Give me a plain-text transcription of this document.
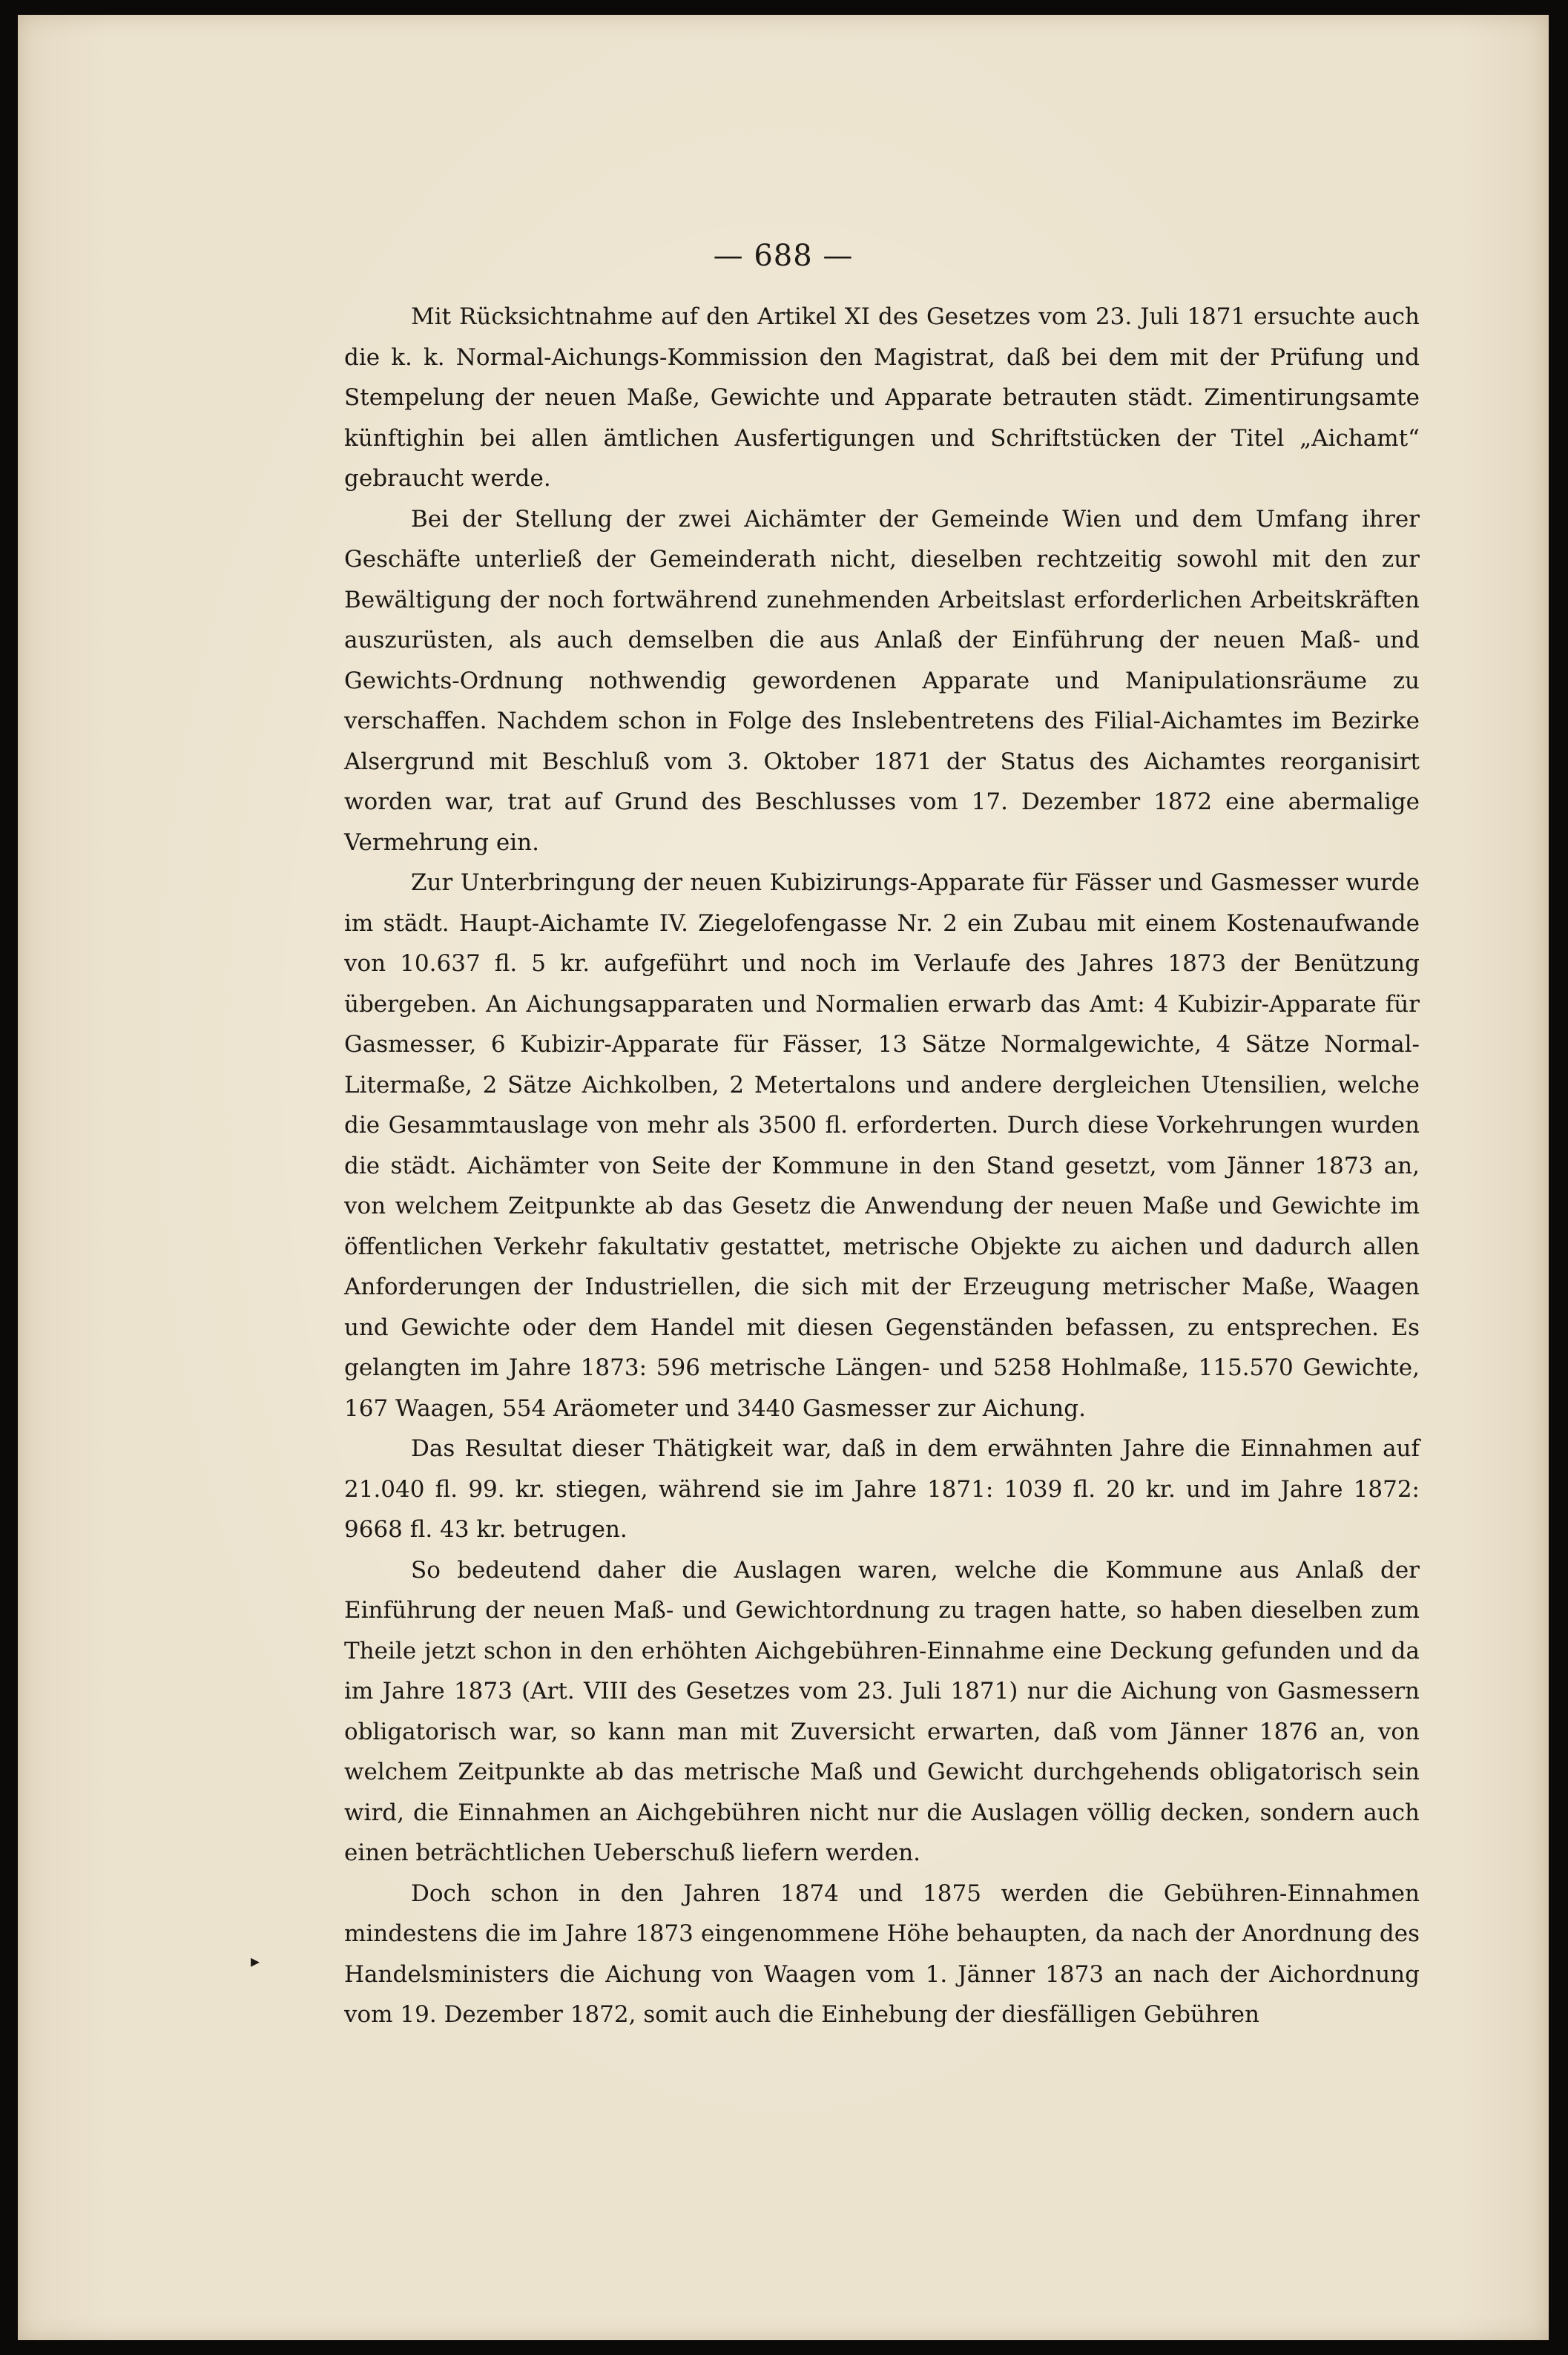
— 688 —

Mit Rücksichtnahme auf den Artikel XI des Gesetzes vom 23. Juli 1871 ersuchte auch die k. k. Normal-Aichungs-Kommission den Magistrat, daß bei dem mit der Prüfung und Stempelung der neuen Maße, Gewichte und Apparate betrauten städt. Zimentirungsamte künftighin bei allen ämtlichen Ausfertigungen und Schriftstücken der Titel „Aichamt“ gebraucht werde.

Bei der Stellung der zwei Aichämter der Gemeinde Wien und dem Umfang ihrer Geschäfte unterließ der Gemeinderath nicht, dieselben rechtzeitig sowohl mit den zur Bewältigung der noch fortwährend zunehmenden Arbeitslast erforderlichen Arbeitskräften auszurüsten, als auch demselben die aus Anlaß der Einführung der neuen Maß- und Gewichts-Ordnung nothwendig gewordenen Apparate und Manipulationsräume zu verschaffen. Nachdem schon in Folge des Inslebentretens des Filial-Aichamtes im Bezirke Alsergrund mit Beschluß vom 3. Oktober 1871 der Status des Aichamtes reorganisirt worden war, trat auf Grund des Beschlusses vom 17. Dezember 1872 eine abermalige Vermehrung ein.

Zur Unterbringung der neuen Kubizirungs-Apparate für Fässer und Gasmesser wurde im städt. Haupt-Aichamte IV. Ziegelofengasse Nr. 2 ein Zubau mit einem Kostenaufwande von 10.637 fl. 5 kr. aufgeführt und noch im Verlaufe des Jahres 1873 der Benützung übergeben. An Aichungsapparaten und Normalien erwarb das Amt: 4 Kubizir-Apparate für Gasmesser, 6 Kubizir-Apparate für Fässer, 13 Sätze Normalgewichte, 4 Sätze Normal-Litermaße, 2 Sätze Aichkolben, 2 Metertalons und andere dergleichen Utensilien, welche die Gesammtauslage von mehr als 3500 fl. erforderten. Durch diese Vorkehrungen wurden die städt. Aichämter von Seite der Kommune in den Stand gesetzt, vom Jänner 1873 an, von welchem Zeitpunkte ab das Gesetz die Anwendung der neuen Maße und Gewichte im öffentlichen Verkehr fakultativ gestattet, metrische Objekte zu aichen und dadurch allen Anforderungen der Industriellen, die sich mit der Erzeugung metrischer Maße, Waagen und Gewichte oder dem Handel mit diesen Gegenständen befassen, zu entsprechen. Es gelangten im Jahre 1873: 596 metrische Längen- und 5258 Hohlmaße, 115.570 Gewichte, 167 Waagen, 554 Aräometer und 3440 Gasmesser zur Aichung.

Das Resultat dieser Thätigkeit war, daß in dem erwähnten Jahre die Einnahmen auf 21.040 fl. 99. kr. stiegen, während sie im Jahre 1871: 1039 fl. 20 kr. und im Jahre 1872: 9668 fl. 43 kr. betrugen.

So bedeutend daher die Auslagen waren, welche die Kommune aus Anlaß der Einführung der neuen Maß- und Gewichtordnung zu tragen hatte, so haben dieselben zum Theile jetzt schon in den erhöhten Aichgebühren-Einnahme eine Deckung gefunden und da im Jahre 1873 (Art. VIII des Gesetzes vom 23. Juli 1871) nur die Aichung von Gasmessern obligatorisch war, so kann man mit Zuversicht erwarten, daß vom Jänner 1876 an, von welchem Zeitpunkte ab das metrische Maß und Gewicht durchgehends obligatorisch sein wird, die Einnahmen an Aichgebühren nicht nur die Auslagen völlig decken, sondern auch einen beträchtlichen Ueberschuß liefern werden.

Doch schon in den Jahren 1874 und 1875 werden die Gebühren-Einnahmen mindestens die im Jahre 1873 eingenommene Höhe behaupten, da nach der Anordnung des Handelsministers die Aichung von Waagen vom 1. Jänner 1873 an nach der Aichordnung vom 19. Dezember 1872, somit auch die Einhebung der diesfälligen Gebühren

▸
